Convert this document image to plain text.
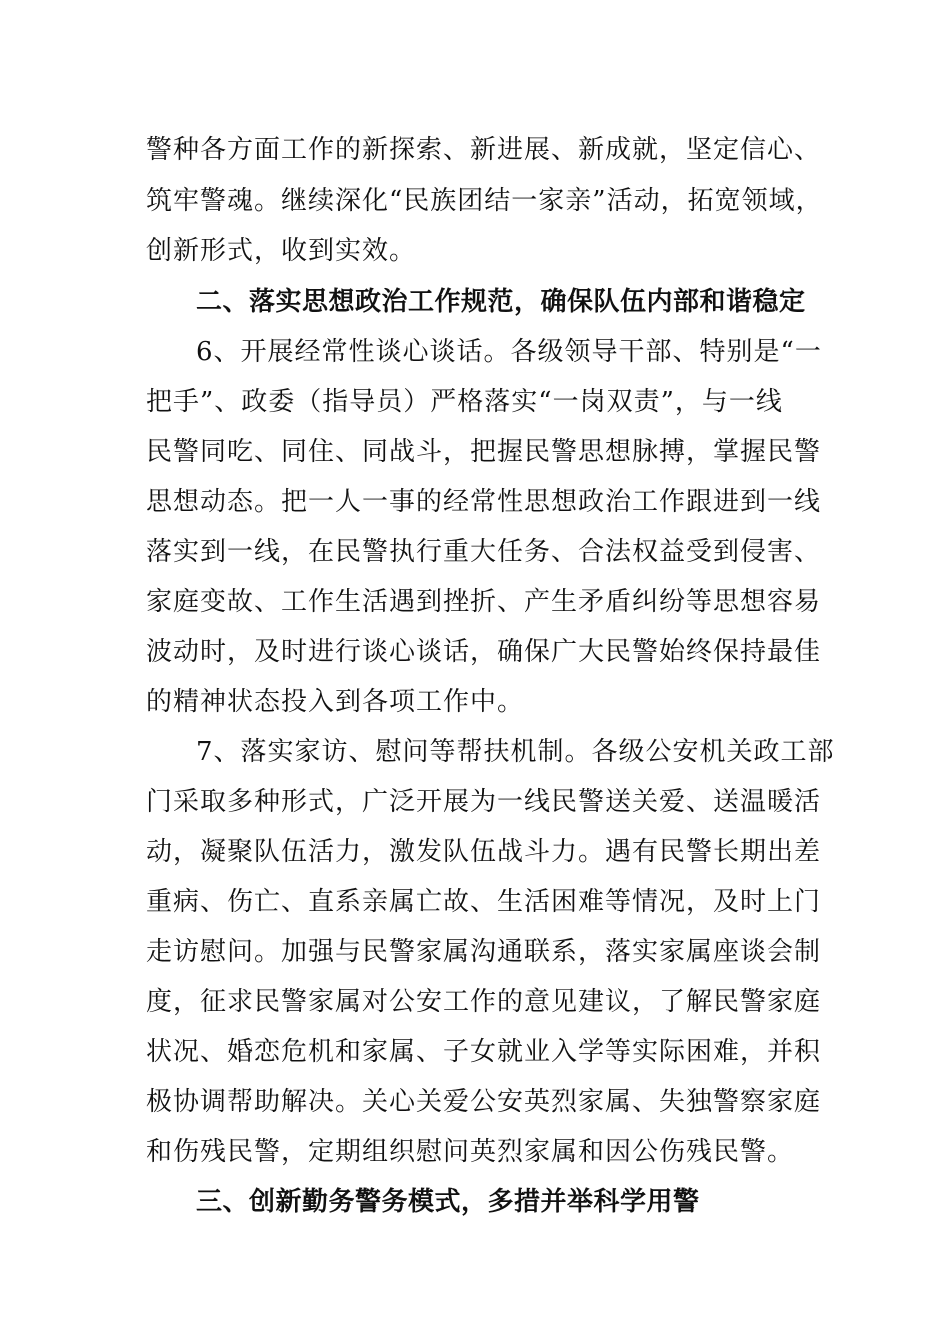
警种各方面工作的新探索、新进展、新成就，坚定信心、
筑牢警魂。继续深化“民族团结一家亲”活动，拓宽领域，
创新形式，收到实效。
二、落实思想政治工作规范，确保队伍内部和谐稳定
6、开展经常性谈心谈话。各级领导干部、特别是“一
把手”、政委（指导员）严格落实“一岗双责”，与一线
民警同吃、同住、同战斗，把握民警思想脉搏，掌握民警
思想动态。把一人一事的经常性思想政治工作跟进到一线
落实到一线，在民警执行重大任务、合法权益受到侵害、
家庭变故、工作生活遇到挫折、产生矛盾纠纷等思想容易
波动时，及时进行谈心谈话，确保广大民警始终保持最佳
的精神状态投入到各项工作中。
7、落实家访、慰问等帮扶机制。各级公安机关政工部
门采取多种形式，广泛开展为一线民警送关爱、送温暖活
动，凝聚队伍活力，激发队伍战斗力。遇有民警长期出差
重病、伤亡、直系亲属亡故、生活困难等情况，及时上门
走访慰问。加强与民警家属沟通联系，落实家属座谈会制
度，征求民警家属对公安工作的意见建议，了解民警家庭
状况、婚恋危机和家属、子女就业入学等实际困难，并积
极协调帮助解决。关心关爱公安英烈家属、失独警察家庭
和伤残民警，定期组织慰问英烈家属和因公伤残民警。
三、创新勤务警务模式，多措并举科学用警
